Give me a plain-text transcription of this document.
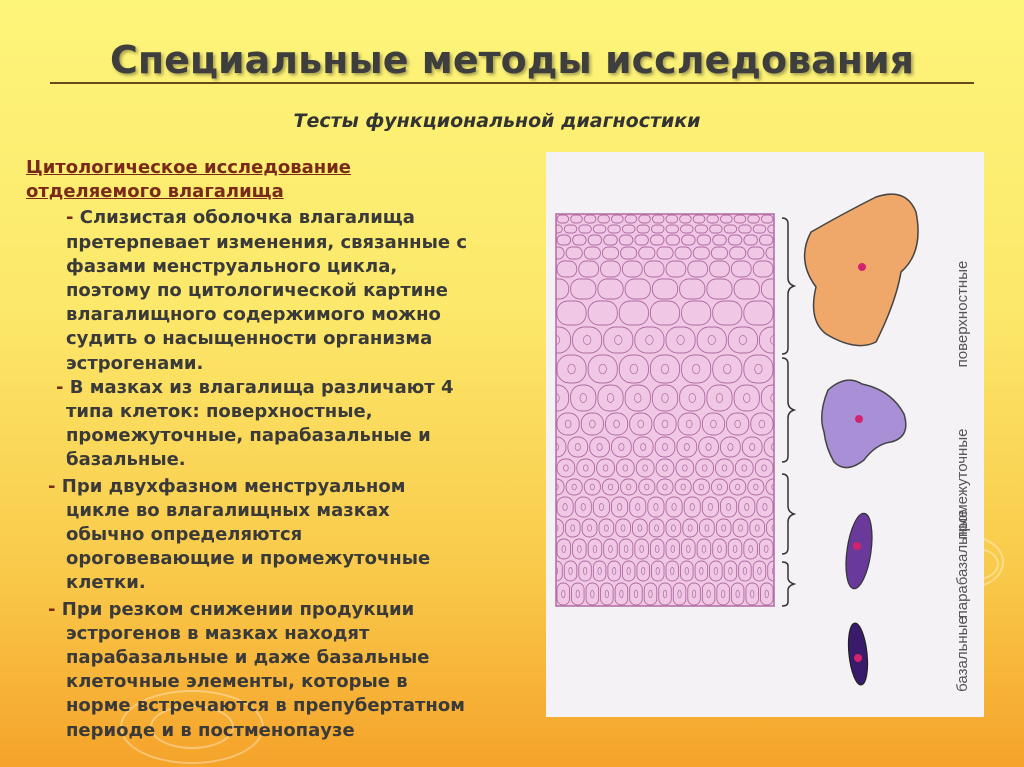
Специальные методы исследования
Тесты функциональной диагностики
Цитологическое исследование
отделяемого влагалища
- Слизистая оболочка влагалища
претерпевает изменения, связанные с
фазами менструального цикла,
поэтому по цитологической картине
влагалищного содержимого можно
судить о насыщенности организма
эстрогенами.
- В мазках из влагалища различают 4
типа клеток: поверхностные,
промежуточные, парабазальные и
базальные.
- При двухфазном менструальном
цикле во влагалищных мазках
обычно определяются
ороговевающие и промежуточные
клетки.
- При резком снижении продукции
эстрогенов в мазках находят
парабазальные и даже базальные
клеточные элементы, которые в
норме встречаются в препубертатном
периоде и в постменопаузе
поверхностные
промежуточные
парабазальные
базальные
